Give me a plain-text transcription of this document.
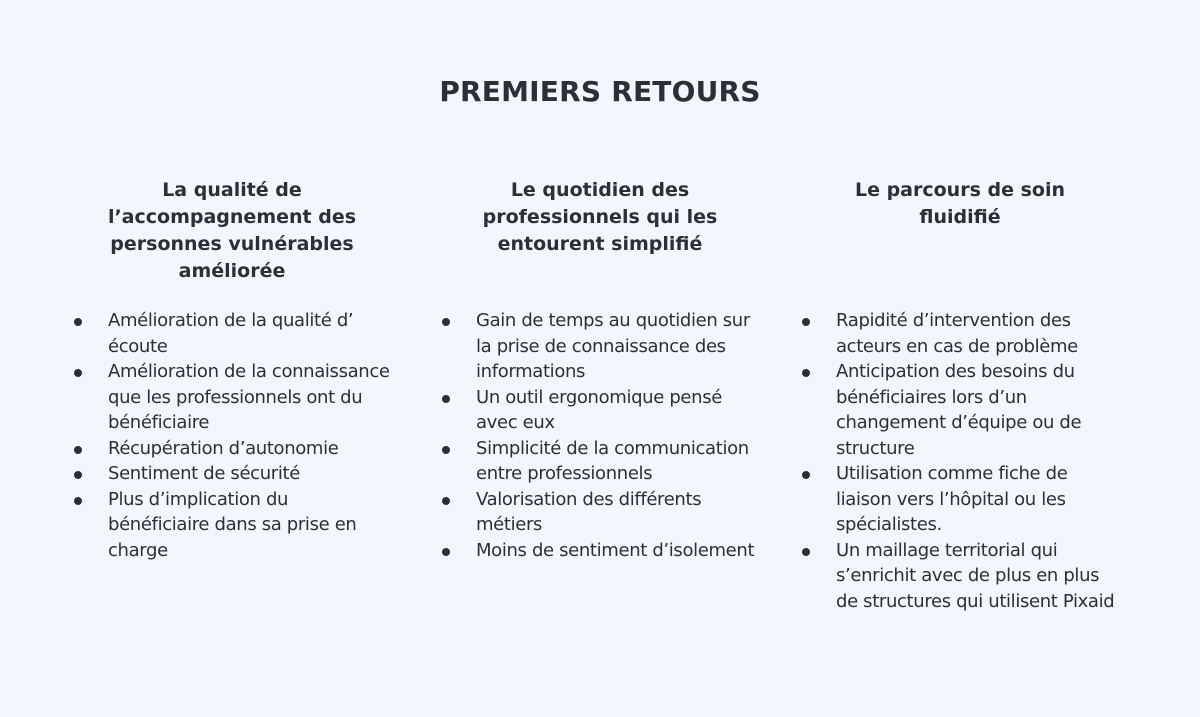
PREMIERS RETOURS
La qualité de l’accompagnement des personnes vulnérables améliorée
Amélioration de la qualité d’ écoute
Amélioration de la connaissance que les professionnels ont du bénéficiaire
Récupération d’autonomie
Sentiment de sécurité
Plus d’implication du bénéficiaire dans sa prise en charge
Le quotidien des professionnels qui les entourent simplifié
Gain de temps au quotidien sur la prise de connaissance des informations
Un outil ergonomique pensé avec eux
Simplicité de la communication entre professionnels
Valorisation des différents métiers
Moins de sentiment d’isolement
Le parcours de soin fluidifié
Rapidité d’intervention des acteurs en cas de problème
Anticipation des besoins du bénéficiaires lors d’un changement d’équipe ou de structure
Utilisation comme fiche de liaison vers l’hôpital ou les spécialistes.
Un maillage territorial qui s’enrichit avec de plus en plus de structures qui utilisent Pixaid
